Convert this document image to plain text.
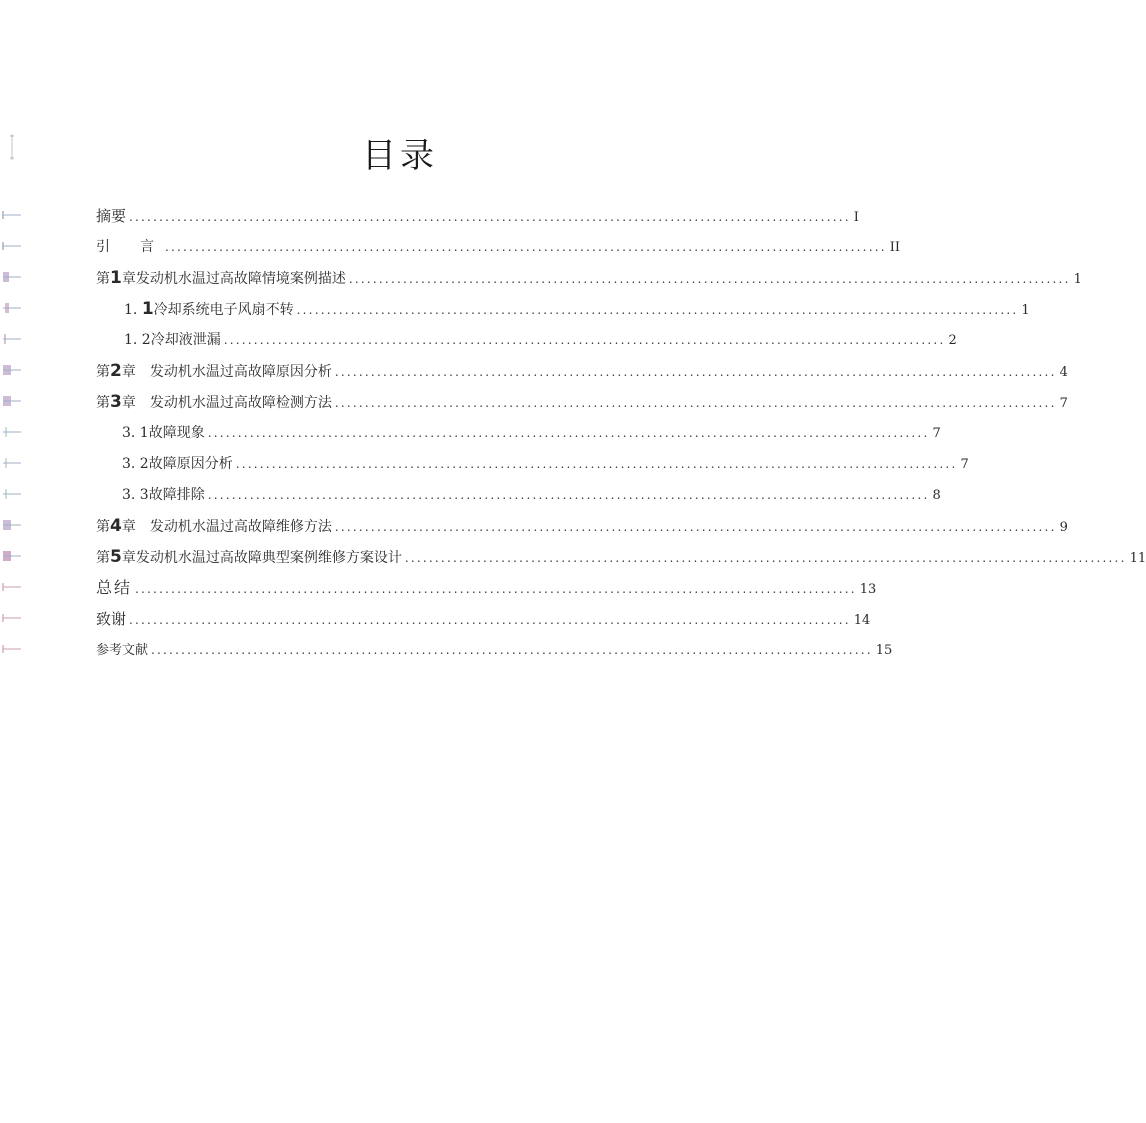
目录
摘要 ........................................................................................................................ I
引　言 ........................................................................................................................ II
第1章发动机水温过高故障情境案例描述 ........................................................................................................................ 1
1. 1冷却系统电子风扇不转 ........................................................................................................................ 1
1. 2冷却液泄漏 ........................................................................................................................ 2
第2章　发动机水温过高故障原因分析 ........................................................................................................................ 4
第3章　发动机水温过高故障检测方法 ........................................................................................................................ 7
3. 1故障现象 ........................................................................................................................ 7
3. 2故障原因分析 ........................................................................................................................ 7
3. 3故障排除 ........................................................................................................................ 8
第4章　发动机水温过高故障维修方法 ........................................................................................................................ 9
第5章发动机水温过高故障典型案例维修方案设计 ........................................................................................................................ 11
总结 ........................................................................................................................ 13
致谢 ........................................................................................................................ 14
参考文献 ........................................................................................................................ 15
